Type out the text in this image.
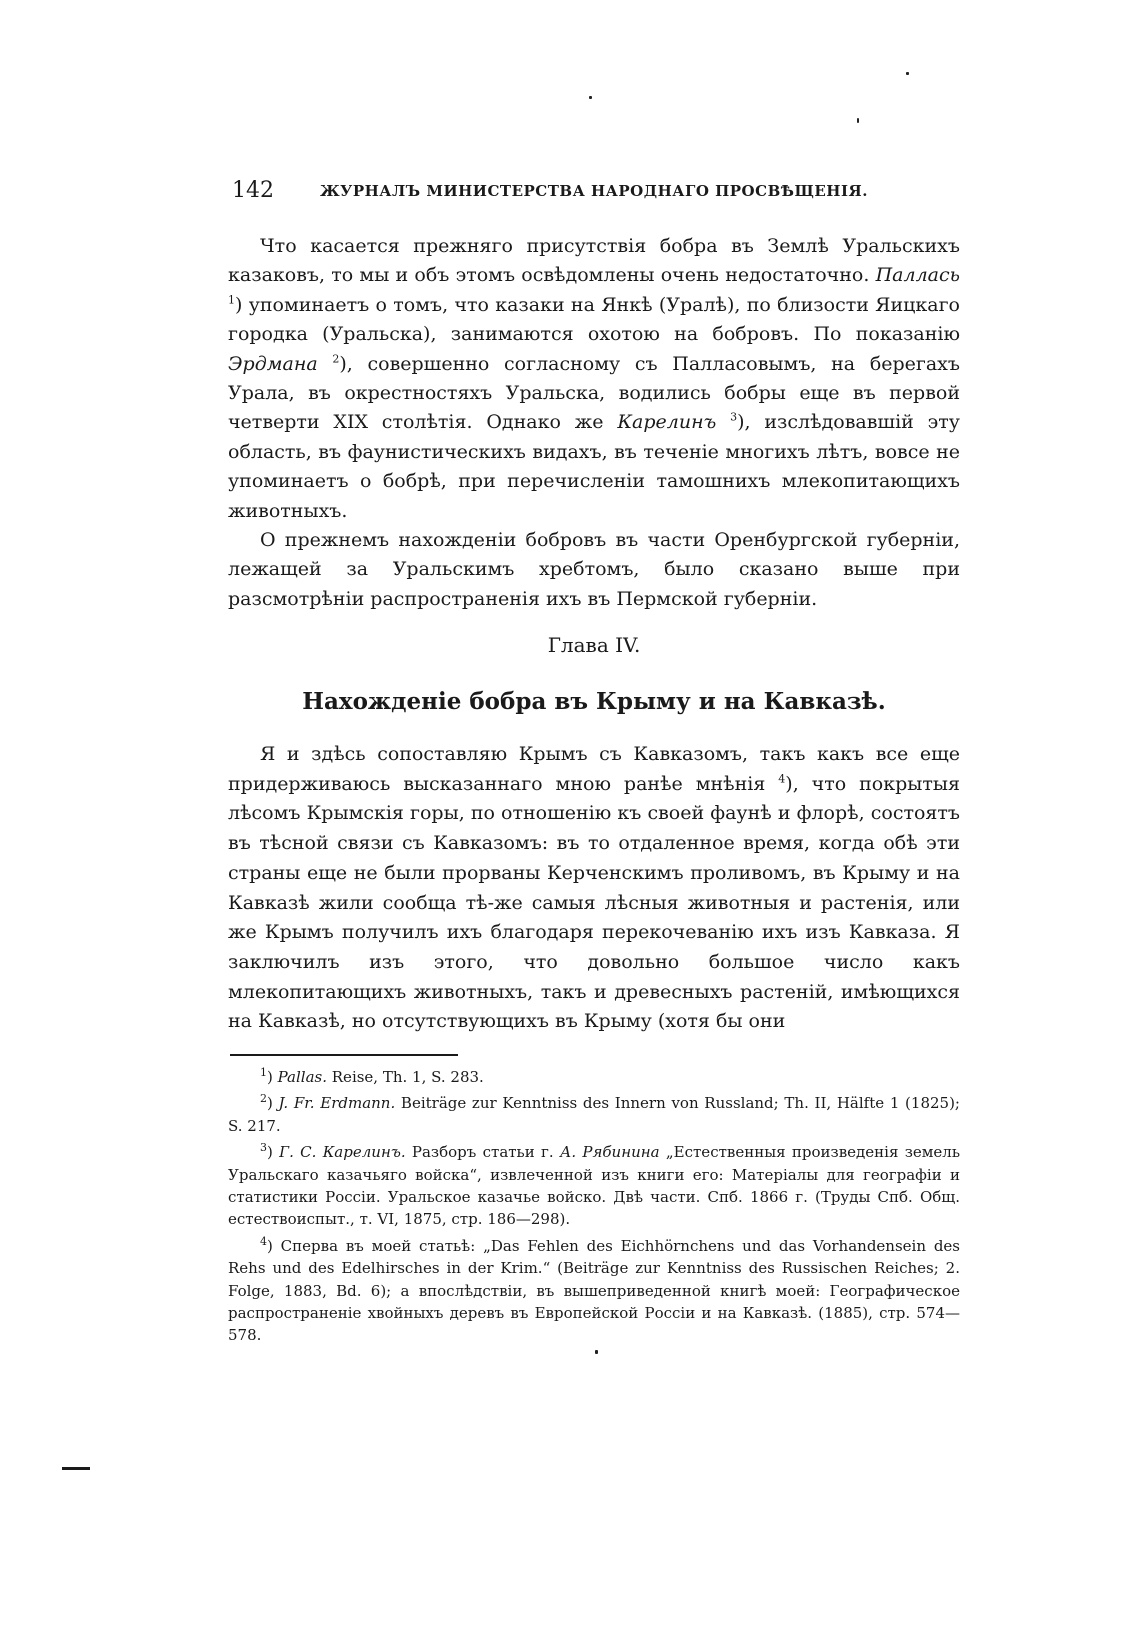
142	ЖУРНАЛЪ МИНИСТЕРСТВА НАРОДНАГО ПРОСВѢЩЕНІЯ.

Что касается прежняго присутствія бобра въ Землѣ Уральскихъ казаковъ, то мы и объ этомъ освѣдомлены очень недостаточно. Паллась $^1$) упоминаетъ о томъ, что казаки на Янкѣ (Уралѣ), по близости Яицкаго городка (Уральска), занимаются охотою на бобровъ. По показанію Эрдмана $^2$), совершенно согласному съ Палласовымъ, на берегахъ Урала, въ окрестностяхъ Уральска, водились бобры еще въ первой четверти XIX столѣтія. Однако же Карелинъ $^3$), изслѣдовавшій эту область, въ фаунистическихъ видахъ, въ теченіе многихъ лѣтъ, вовсе не упоминаетъ о бобрѣ, при перечисленіи тамошнихъ млекопитающихъ животныхъ.

О прежнемъ нахожденіи бобровъ въ части Оренбургской губерніи, лежащей за Уральскимъ хребтомъ, было сказано выше при разсмотрѣніи распространенія ихъ въ Пермской губерніи.

Глава IV.
Нахожденіе бобра въ Крыму и на Кавказѣ.

Я и здѣсь сопоставляю Крымъ съ Кавказомъ, такъ какъ все еще придерживаюсь высказаннаго мною ранѣе мнѣнія $^4$), что покрытыя лѣсомъ Крымскія горы, по отношенію къ своей фаунѣ и флорѣ, состоятъ въ тѣсной связи съ Кавказомъ: въ то отдаленное время, когда обѣ эти страны еще не были прорваны Керченскимъ проливомъ, въ Крыму и на Кавказѣ жили сообща тѣ-же самыя лѣсныя животныя и растенія, или же Крымъ получилъ ихъ благодаря перекочеванію ихъ изъ Кавказа. Я заключилъ изъ этого, что довольно большое число какъ млекопитающихъ животныхъ, такъ и древесныхъ растеній, имѣющихся на Кавказѣ, но отсутствующихъ въ Крыму (хотя бы они

$^1$) Pallas. Reise, Th. 1, S. 283.

$^2$) J. Fr. Erdmann. Beiträge zur Kenntniss des Innern von Russland; Th. II, Hälfte 1 (1825); S. 217.

$^3$) Г. С. Карелинъ. Разборъ статьи г. А. Рябинина „Естественныя произведенія земель Уральскаго казачьяго войска“, извлеченной изъ книги его: Матеріалы для географіи и статистики Россіи. Уральское казачье войско. Двѣ части. Спб. 1866 г. (Труды Спб. Общ. естествоиспыт., т. VI, 1875, стр. 186—298).

$^4$) Сперва въ моей статьѣ: „Das Fehlen des Eichhörnchens und das Vorhandensein des Rehs und des Edelhirsches in der Krim.“ (Beiträge zur Kenntniss des Russischen Reiches; 2. Folge, 1883, Bd. 6); а впослѣдствіи, въ вышеприведенной книгѣ моей: Географическое распространеніе хвойныхъ деревъ въ Европейской Россіи и на Кавказѣ. (1885), стр. 574—578.
